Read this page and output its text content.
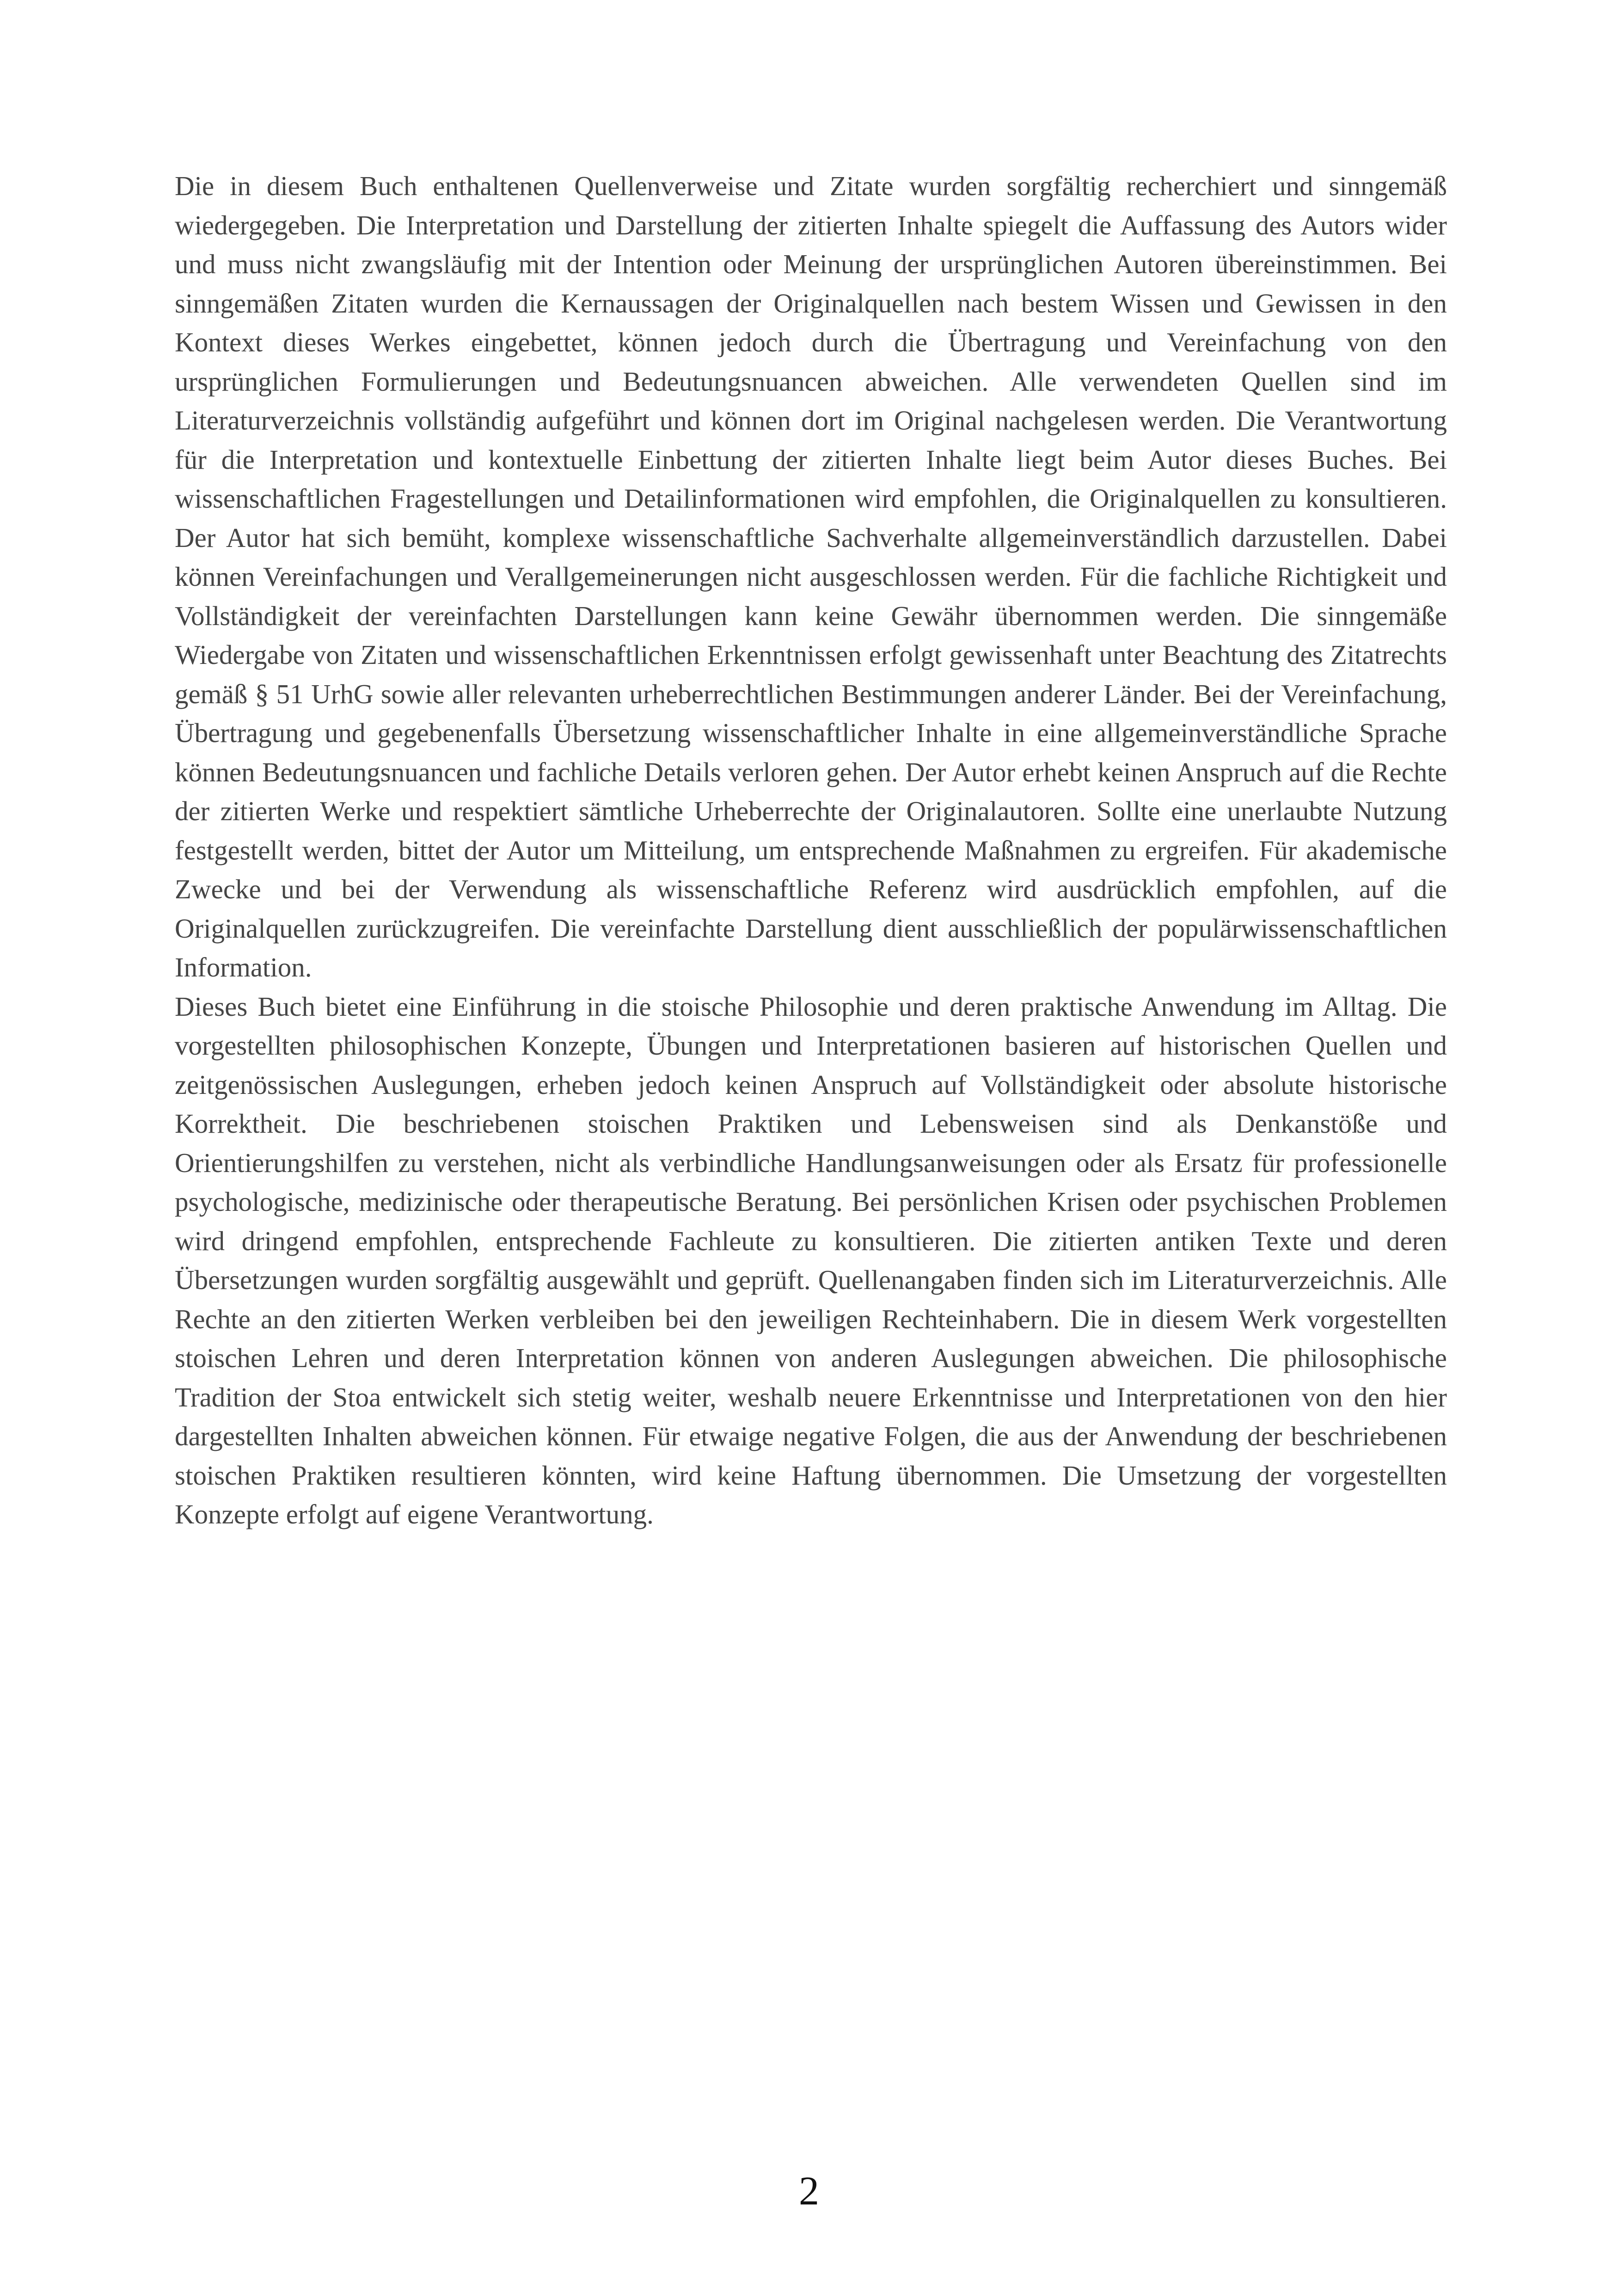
Die in diesem Buch enthaltenen Quellenverweise und Zitate wurden sorgfältig recherchiert und sinngemäß wiedergegeben. Die Interpretation und Darstellung der zitierten Inhalte spiegelt die Auffassung des Autors wider und muss nicht zwangsläufig mit der Intention oder Meinung der ursprünglichen Autoren übereinstimmen. Bei sinngemäßen Zitaten wurden die Kernaussagen der Originalquellen nach bestem Wissen und Gewissen in den Kontext dieses Werkes eingebettet, können jedoch durch die Übertragung und Vereinfachung von den ursprünglichen Formulierungen und Bedeutungsnuancen abweichen. Alle verwendeten Quellen sind im Literaturverzeichnis vollständig aufgeführt und können dort im Original nachgelesen werden. Die Verantwortung für die Interpretation und kontextuelle Einbettung der zitierten Inhalte liegt beim Autor dieses Buches. Bei wissenschaftlichen Fragestellungen und Detailinformationen wird empfohlen, die Originalquellen zu konsultieren. Der Autor hat sich bemüht, komplexe wissenschaftliche Sachverhalte allgemeinverständlich darzustellen. Dabei können Vereinfachungen und Verallgemeinerungen nicht ausgeschlossen werden. Für die fachliche Richtigkeit und Vollständigkeit der vereinfachten Darstellungen kann keine Gewähr übernommen werden. Die sinngemäße Wiedergabe von Zitaten und wissenschaftlichen Erkenntnissen erfolgt gewissenhaft unter Beachtung des Zitatrechts gemäß § 51 UrhG sowie aller relevanten urheberrechtlichen Bestimmungen anderer Länder. Bei der Vereinfachung, Übertragung und gegebenenfalls Übersetzung wissenschaftlicher Inhalte in eine allgemeinverständliche Sprache können Bedeutungsnuancen und fachliche Details verloren gehen. Der Autor erhebt keinen Anspruch auf die Rechte der zitierten Werke und respektiert sämtliche Urheberrechte der Originalautoren. Sollte eine unerlaubte Nutzung festgestellt werden, bittet der Autor um Mitteilung, um entsprechende Maßnahmen zu ergreifen. Für akademische Zwecke und bei der Verwendung als wissenschaftliche Referenz wird ausdrücklich empfohlen, auf die Originalquellen zurückzugreifen. Die vereinfachte Darstellung dient ausschließlich der populärwissenschaftlichen Information.

Dieses Buch bietet eine Einführung in die stoische Philosophie und deren praktische Anwendung im Alltag. Die vorgestellten philosophischen Konzepte, Übungen und Interpretationen basieren auf historischen Quellen und zeitgenössischen Auslegungen, erheben jedoch keinen Anspruch auf Vollständigkeit oder absolute historische Korrektheit. Die beschriebenen stoischen Praktiken und Lebensweisen sind als Denkanstöße und Orientierungshilfen zu verstehen, nicht als verbindliche Handlungsanweisungen oder als Ersatz für professionelle psychologische, medizinische oder therapeutische Beratung. Bei persönlichen Krisen oder psychischen Problemen wird dringend empfohlen, entsprechende Fachleute zu konsultieren. Die zitierten antiken Texte und deren Übersetzungen wurden sorgfältig ausgewählt und geprüft. Quellenangaben finden sich im Literaturverzeichnis. Alle Rechte an den zitierten Werken verbleiben bei den jeweiligen Rechteinhabern. Die in diesem Werk vorgestellten stoischen Lehren und deren Interpretation können von anderen Auslegungen abweichen. Die philosophische Tradition der Stoa entwickelt sich stetig weiter, weshalb neuere Erkenntnisse und Interpretationen von den hier dargestellten Inhalten abweichen können. Für etwaige negative Folgen, die aus der Anwendung der beschriebenen stoischen Praktiken resultieren könnten, wird keine Haftung übernommen. Die Umsetzung der vorgestellten Konzepte erfolgt auf eigene Verantwortung.

2
